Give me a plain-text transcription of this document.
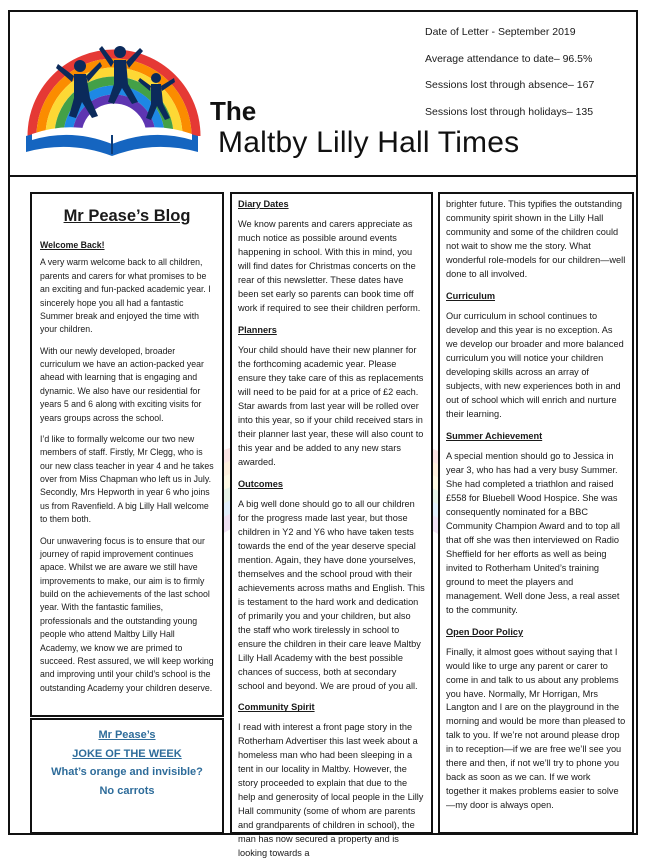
The
Maltby Lilly Hall Times
Date of Letter - September 2019
Average attendance to date– 96.5%
Sessions lost through absence– 167
Sessions lost through holidays– 135
Mr Pease’s Blog
Welcome Back!

A very warm welcome back to all children, parents and carers for what promises to be an exciting and fun-packed academic year. I sincerely hope you all had a fantastic Summer break and enjoyed the time with your children.

With our newly developed, broader curriculum we have an action-packed year ahead with learning that is engaging and dynamic. We also have our residential for years 5 and 6 along with exciting visits for years groups across the school.

I’d like to formally welcome our two new members of staff. Firstly, Mr Clegg, who is our new class teacher in year 4 and he takes over from Miss Chapman who left us in July. Secondly, Mrs Hepworth in year 6 who joins us from Ravenfield. A big Lilly Hall welcome to them both.

Our unwavering focus is to ensure that our journey of rapid improvement continues apace. Whilst we are aware we still have improvements to make, our aim is to firmly build on the achievements of the last school year. With the fantastic families, professionals and the outstanding young people who attend Maltby Lilly Hall Academy, we know we are primed to succeed. Rest assured, we will keep working and improving until your child’s school is the outstanding Academy your children deserve.

Mr Pease’s
JOKE OF THE WEEK
What’s orange and invisible?
No carrots
Diary Dates

We know parents and carers appreciate as much notice as possible around events happening in school. With this in mind, you will find dates for Christmas concerts on the rear of this newsletter. These dates have been set early so parents can book time off work if required to see their children perform.

Planners

Your child should have their new planner for the forthcoming academic year. Please ensure they take care of this as replacements will need to be paid for at a price of £2 each. Star awards from last year will be rolled over into this year, so if your child received stars in their planner last year, these will also count to this year and be added to any new stars awarded.

Outcomes

A big well done should go to all our children for the progress made last year, but those children in Y2 and Y6 who have taken tests towards the end of the year deserve special mention. Again, they have done yourselves, themselves and the school proud with their achievements across maths and English. This is testament to the hard work and dedication of primarily you and your children, but also the staff who work tirelessly in school to ensure the children in their care leave Maltby Lilly Hall Academy with the best possible chances of success, both at secondary school and beyond. We are proud of you all.

Community Spirit

I read with interest a front page story in the Rotherham Advertiser this last week about a homeless man who had been sleeping in a tent in our locality in Maltby. However, the story proceeded to explain that due to the help and generosity of local people in the Lilly Hall community (some of whom are parents and grandparents of children in school), the man has now secured a property and is looking towards a

brighter future. This typifies the outstanding community spirit shown in the Lilly Hall community and some of the children could not wait to show me the story. What wonderful role-models for our children—well done to all involved.

Curriculum

Our curriculum in school continues to develop and this year is no exception. As we develop our broader and more balanced curriculum you will notice your children developing skills across an array of subjects, with new experiences both in and out of school which will enrich and nurture their learning.

Summer Achievement

A special mention should go to Jessica in year 3, who has had a very busy Summer. She had completed a triathlon and raised £558 for Bluebell Wood Hospice. She was consequently nominated for a BBC Community Champion Award and to top all that off she was then interviewed on Radio Sheffield for her efforts as well as being invited to Rotherham United’s training ground to meet the players and management. Well done Jess, a real asset to the community.

Open Door Policy

Finally, it almost goes without saying that I would like to urge any parent or carer to come in and talk to us about any problems you have. Normally, Mr Horrigan, Mrs Langton and I are on the playground in the morning and would be more than pleased to talk to you. If we’re not around please drop in to reception—if we are free we’ll see you there and then, if not we’ll try to phone you back as soon as we can. If we work together it makes problems easier to solve—my door is always open.
